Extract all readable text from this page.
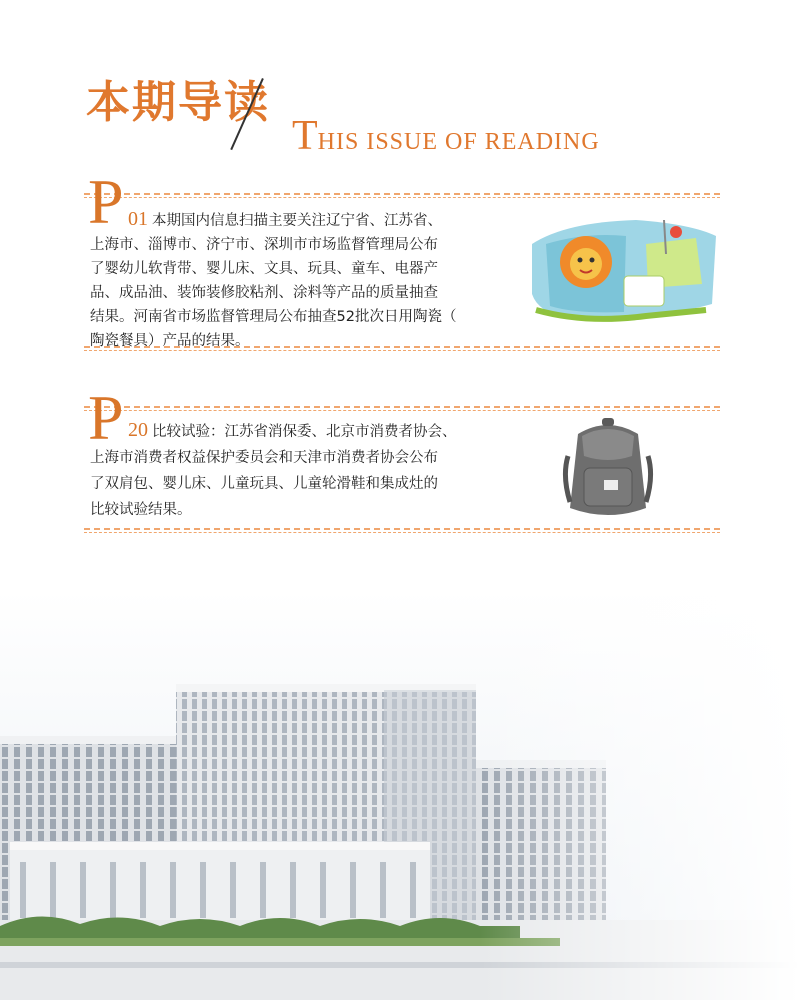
本期导读
THIS ISSUE OF READING
P 01 本期国内信息扫描主要关注辽宁省、江苏省、
上海市、淄博市、济宁市、深圳市市场监督管理局公布
了婴幼儿软背带、婴儿床、文具、玩具、童车、电器产
品、成品油、装饰装修胶粘剂、涂料等产品的质量抽查
结果。河南省市场监督管理局公布抽查52批次日用陶瓷（
陶瓷餐具）产品的结果。
P 20 比较试验：江苏省消保委、北京市消费者协会、
上海市消费者权益保护委员会和天津市消费者协会公布
了双肩包、婴儿床、儿童玩具、儿童轮滑鞋和集成灶的
比较试验结果。
